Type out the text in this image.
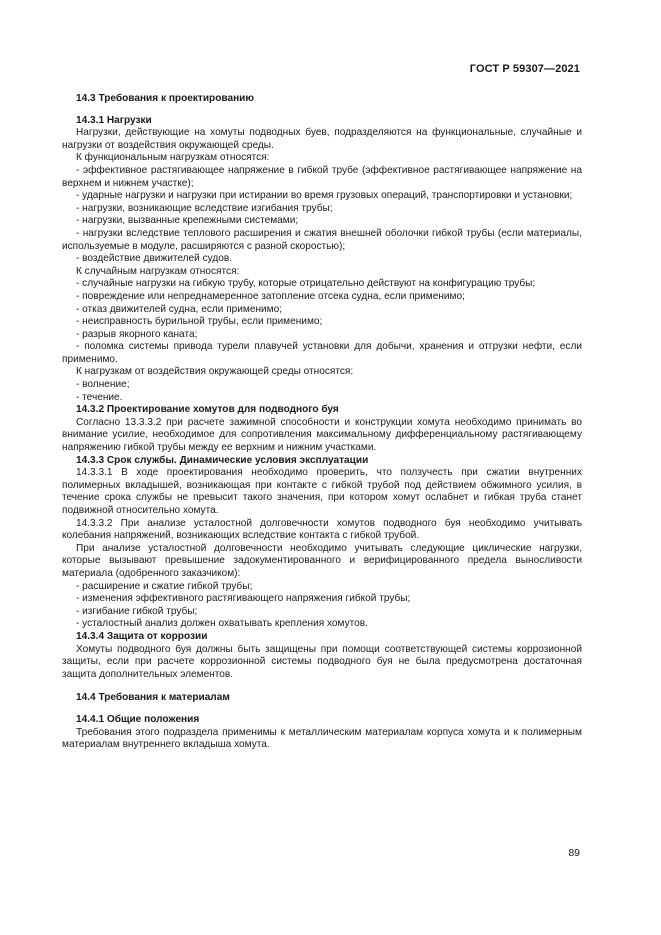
ГОСТ Р 59307—2021

14.3 Требования к проектированию

14.3.1 Нагрузки

Нагрузки, действующие на хомуты подводных буев, подразделяются на функциональные, случайные и нагрузки от воздействия окружающей среды.

К функциональным нагрузкам относятся:

- эффективное растягивающее напряжение в гибкой трубе (эффективное растягивающее напряжение на верхнем и нижнем участке);

- ударные нагрузки и нагрузки при истирании во время грузовых операций, транспортировки и установки;

- нагрузки, возникающие вследствие изгибания трубы;

- нагрузки, вызванные крепежными системами;

- нагрузки вследствие теплового расширения и сжатия внешней оболочки гибкой трубы (если материалы, используемые в модуле, расширяются с разной скоростью);

- воздействие движителей судов.

К случайным нагрузкам относятся:

- случайные нагрузки на гибкую трубу, которые отрицательно действуют на конфигурацию трубы;

- повреждение или непреднамеренное затопление отсека судна, если применимо;

- отказ движителей судна, если применимо;

- неисправность бурильной трубы, если применимо;

- разрыв якорного каната;

- поломка системы привода турели плавучей установки для добычи, хранения и отгрузки нефти, если применимо.

К нагрузкам от воздействия окружающей среды относятся:

- волнение;

- течение.

14.3.2 Проектирование хомутов для подводного буя

Согласно 13.3.3.2 при расчете зажимной способности и конструкции хомута необходимо принимать во внимание усилие, необходимое для сопротивления максимальному дифференциальному растягивающему напряжению гибкой трубы между ее верхним и нижним участками.

14.3.3 Срок службы. Динамические условия эксплуатации

14.3.3.1 В ходе проектирования необходимо проверить, что ползучесть при сжатии внутренних полимерных вкладышей, возникающая при контакте с гибкой трубой под действием обжимного усилия, в течение срока службы не превысит такого значения, при котором хомут ослабнет и гибкая труба станет подвижной относительно хомута.

14.3.3.2 При анализе усталостной долговечности хомутов подводного буя необходимо учитывать колебания напряжений, возникающих вследствие контакта с гибкой трубой.

При анализе усталостной долговечности необходимо учитывать следующие циклические нагрузки, которые вызывают превышение задокументированного и верифицированного предела выносливости материала (одобренного заказчиком):

- расширение и сжатие гибкой трубы;

- изменения эффективного растягивающего напряжения гибкой трубы;

- изгибание гибкой трубы;

- усталостный анализ должен охватывать крепления хомутов.

14.3.4 Защита от коррозии

Хомуты подводного буя должны быть защищены при помощи соответствующей системы коррозионной защиты, если при расчете коррозионной системы подводного буя не была предусмотрена достаточная защита дополнительных элементов.

14.4 Требования к материалам

14.4.1 Общие положения

Требования этого подраздела применимы к металлическим материалам корпуса хомута и к полимерным материалам внутреннего вкладыша хомута.

89
